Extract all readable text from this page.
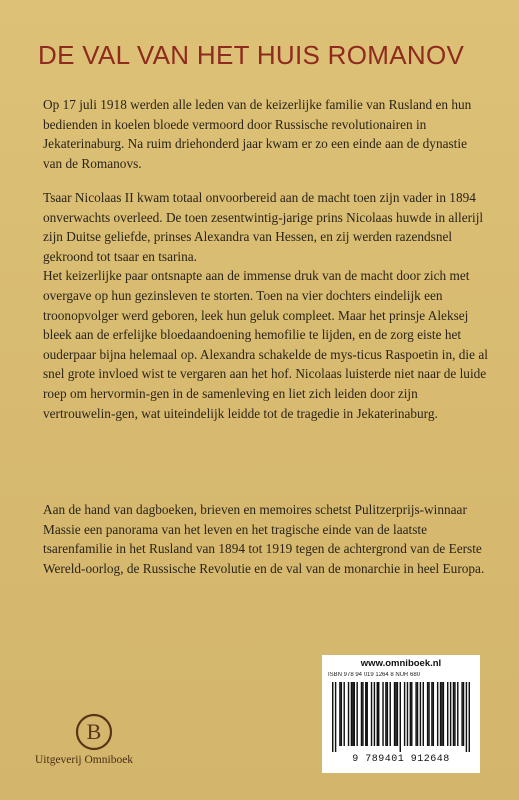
DE VAL VAN HET HUIS ROMANOV

Op 17 juli 1918 werden alle leden van de keizerlijke familie van Rusland en hun bedienden in koelen bloede vermoord door Russische revolutionairen in Jekaterinaburg. Na ruim driehonderd jaar kwam er zo een einde aan de dynastie van de Romanovs.

Tsaar Nicolaas II kwam totaal onvoorbereid aan de macht toen zijn vader in 1894 onverwachts overleed. De toen zesentwintig-jarige prins Nicolaas huwde in allerijl zijn Duitse geliefde, prinses Alexandra van Hessen, en zij werden razendsnel gekroond tot tsaar en tsarina.

Het keizerlijke paar ontsnapte aan de immense druk van de macht door zich met overgave op hun gezinsleven te storten. Toen na vier dochters eindelijk een troonopvolger werd geboren, leek hun geluk compleet. Maar het prinsje Aleksej bleek aan de erfelijke bloedaandoening hemofilie te lijden, en de zorg eiste het ouderpaar bijna helemaal op. Alexandra schakelde de mys-ticus Raspoetin in, die al snel grote invloed wist te vergaren aan het hof. Nicolaas luisterde niet naar de luide roep om hervormin-gen in de samenleving en liet zich leiden door zijn vertrouwelin-gen, wat uiteindelijk leidde tot de tragedie in Jekaterinaburg.

Aan de hand van dagboeken, brieven en memoires schetst Pulitzerprijs-winnaar Massie een panorama van het leven en het tragische einde van de laatste tsarenfamilie in het Rusland van 1894 tot 1919 tegen de achtergrond van de Eerste Wereld-oorlog, de Russische Revolutie en de val van de monarchie in heel Europa.

www.omniboek.nl
ISBN 978 94 019 1264 8 NUR 680
9 789401 912648
B
Uitgeverij Omniboek
